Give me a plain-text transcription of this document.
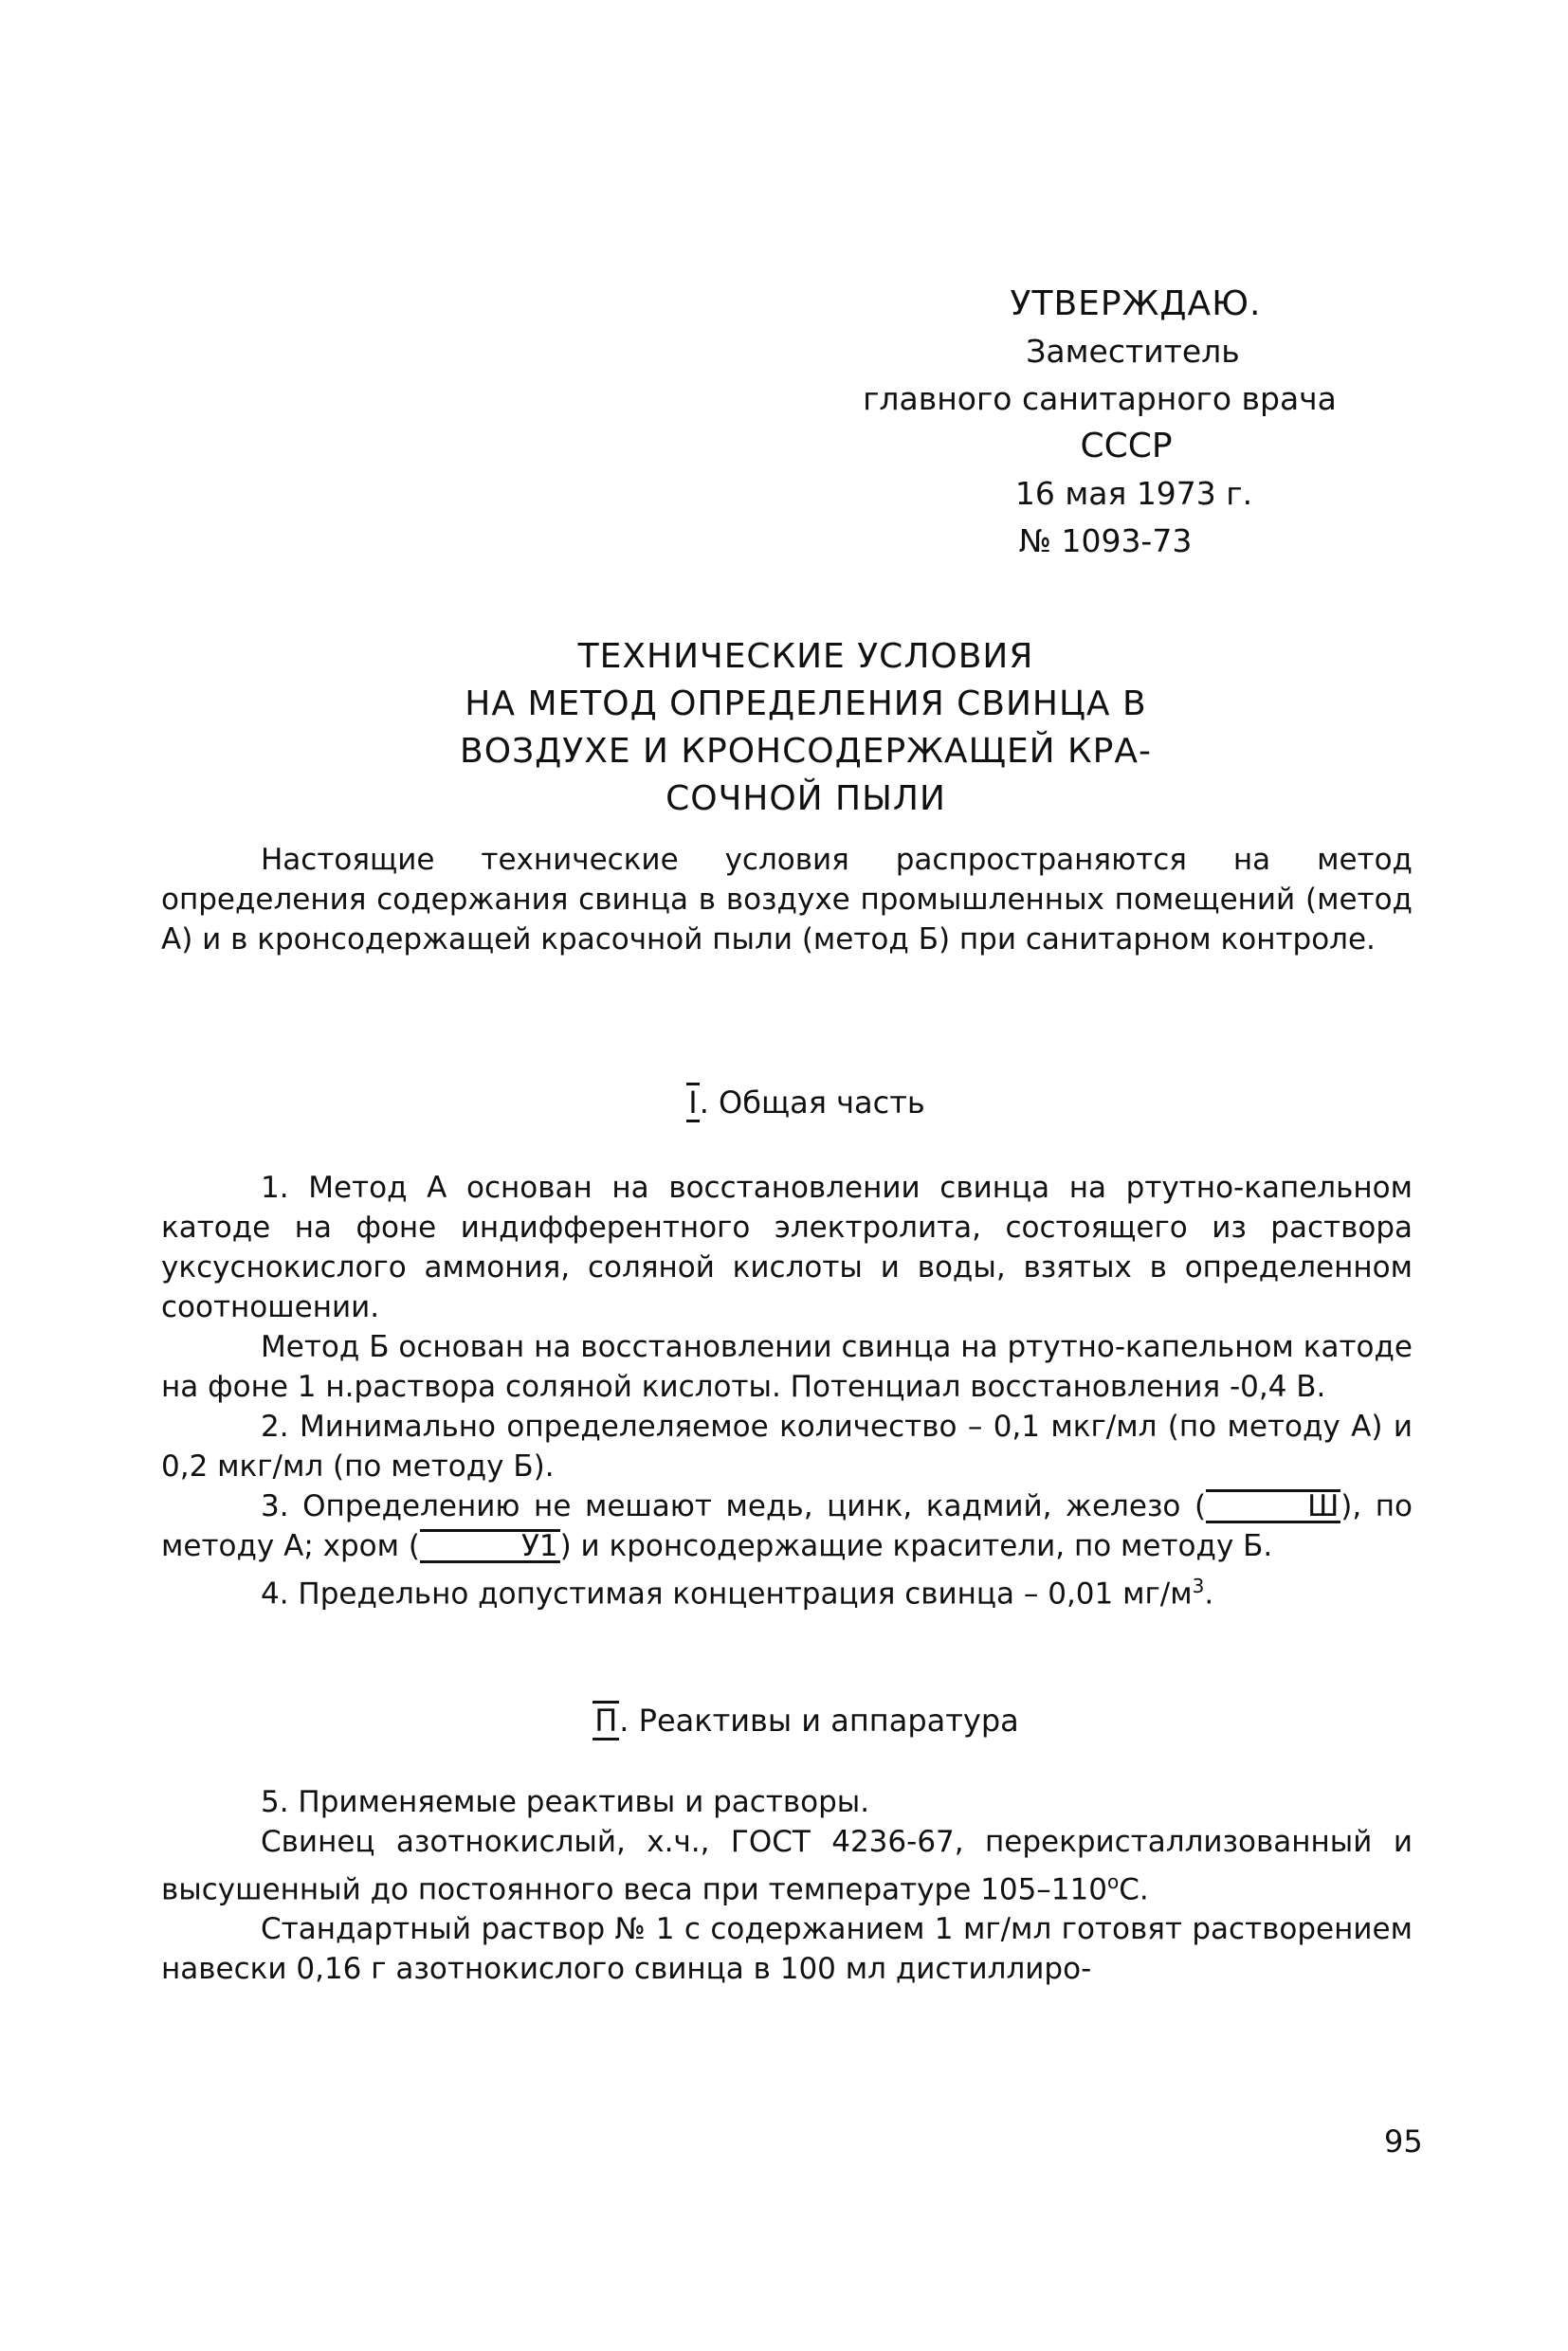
УТВЕРЖДАЮ.
Заместитель
главного санитарного врача
СССР
16 мая 1973 г.
№ 1093-73
ТЕХНИЧЕСКИЕ УСЛОВИЯ
НА МЕТОД ОПРЕДЕЛЕНИЯ СВИНЦА В
ВОЗДУХЕ И КРОНСОДЕРЖАЩЕЙ КРА-
СОЧНОЙ ПЫЛИ

Настоящие технические условия распространяются на метод определения содержания свинца в воздухе промышленных помещений (метод А) и в кронсодержащей красочной пыли (метод Б) при санитарном контроле.

I. Общая часть

1. Метод А основан на восстановлении свинца на ртутно-капельном катоде на фоне индифферентного электролита, состоящего из раствора уксуснокислого аммония, соляной кислоты и воды, взятых в определенном соотношении.

Метод Б основан на восстановлении свинца на ртутно-капельном катоде на фоне 1 н.раствора соляной кислоты. Потенциал восстановления -0,4 В.

2. Минимально определеляемое количество – 0,1 мкг/мл (по методу А) и 0,2 мкг/мл (по методу Б).

3. Определению не мешают медь, цинк, кадмий, железо (	Ш), по методу А; хром (	У1) и кронсодержащие красители, по методу Б.

4. Предельно допустимая концентрация свинца – 0,01 $мг/м^3$.

П. Реактивы и аппаратура

5. Применяемые реактивы и растворы.

Свинец азотнокислый, х.ч., ГОСТ 4236-67, перекристаллизованный и высушенный до постоянного веса при температуре $105-110^оС$.

Стандартный раствор № 1 с содержанием 1 мг/мл готовят растворением навески 0,16 г азотнокислого свинца в 100 мл дистиллиро-

95
